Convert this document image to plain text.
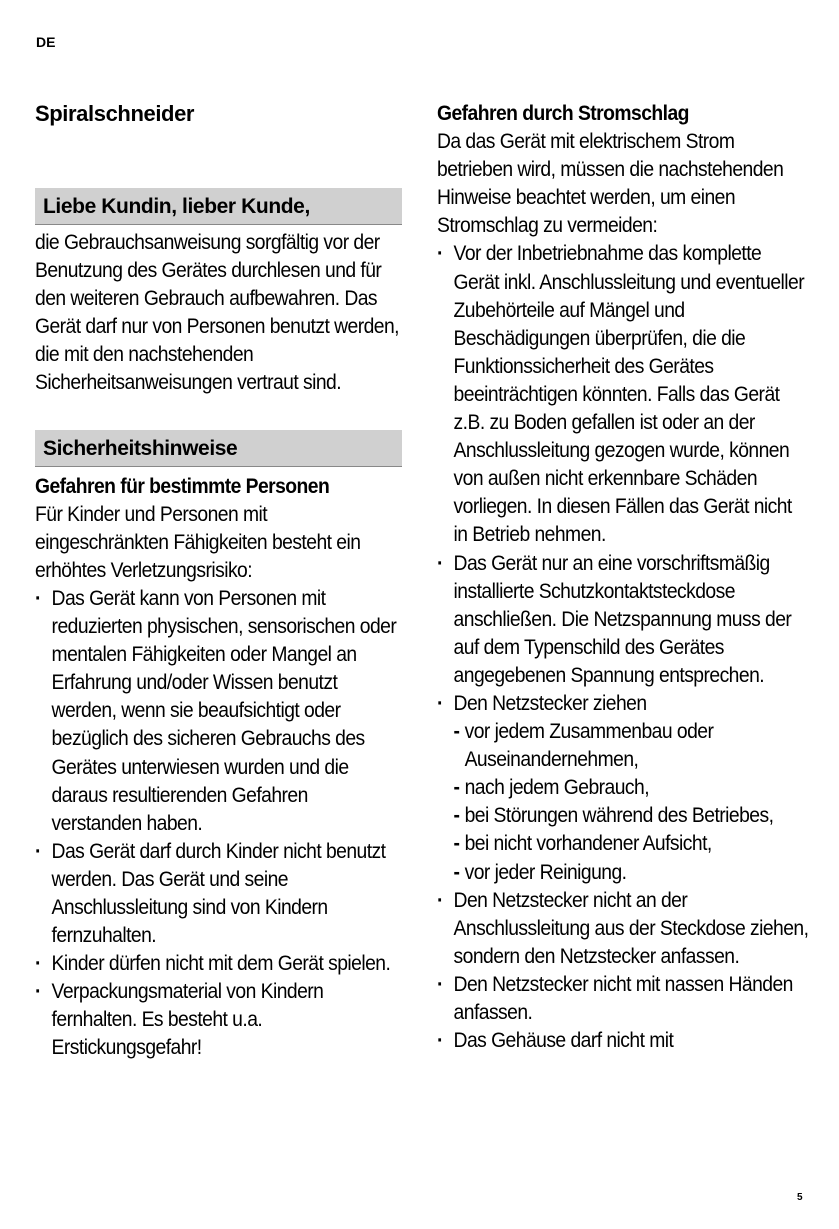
DE
Spiralschneider
Liebe Kundin, lieber Kunde,
die Gebrauchsanweisung sorgfältig vor der Benutzung des Gerätes durchlesen und für den weiteren Gebrauch aufbewahren. Das Gerät darf nur von Personen benutzt werden, die mit den nachstehenden Sicherheitsanweisungen vertraut sind.
Sicherheitshinweise
Gefahren für bestimmte Personen
Für Kinder und Personen mit eingeschränkten Fähigkeiten besteht ein erhöhtes Verletzungsrisiko:
· Das Gerät kann von Personen mit reduzierten physischen, sensorischen oder mentalen Fähigkeiten oder Mangel an Erfahrung und/oder Wissen benutzt werden, wenn sie beaufsichtigt oder bezüglich des sicheren Gebrauchs des Gerätes unterwiesen wurden und die daraus resultierenden Gefahren verstanden haben.
· Das Gerät darf durch Kinder nicht benutzt werden. Das Gerät und seine Anschlussleitung sind von Kindern fernzuhalten.
· Kinder dürfen nicht mit dem Gerät spielen.
· Verpackungsmaterial von Kindern fernhalten. Es besteht u.a. Erstickungsgefahr!
Gefahren durch Stromschlag
Da das Gerät mit elektrischem Strom betrieben wird, müssen die nachstehenden Hinweise beachtet werden, um einen Stromschlag zu vermeiden:
· Vor der Inbetriebnahme das komplette Gerät inkl. Anschlussleitung und eventueller Zubehörteile auf Mängel und Beschädigungen überprüfen, die die Funktionssicherheit des Gerätes beeinträchtigen könnten. Falls das Gerät z.B. zu Boden gefallen ist oder an der Anschlussleitung gezogen wurde, können von außen nicht erkennbare Schäden vorliegen. In diesen Fällen das Gerät nicht in Betrieb nehmen.
· Das Gerät nur an eine vorschriftsmäßig installierte Schutzkontaktsteckdose anschließen. Die Netzspannung muss der auf dem Typenschild des Gerätes angegebenen Spannung entsprechen.
· Den Netzstecker ziehen
- vor jedem Zusammenbau oder Auseinandernehmen,
- nach jedem Gebrauch,
- bei Störungen während des Betriebes,
- bei nicht vorhandener Aufsicht,
- vor jeder Reinigung.
· Den Netzstecker nicht an der Anschlussleitung aus der Steckdose ziehen, sondern den Netzstecker anfassen.
· Den Netzstecker nicht mit nassen Händen anfassen.
· Das Gehäuse darf nicht mit
5
